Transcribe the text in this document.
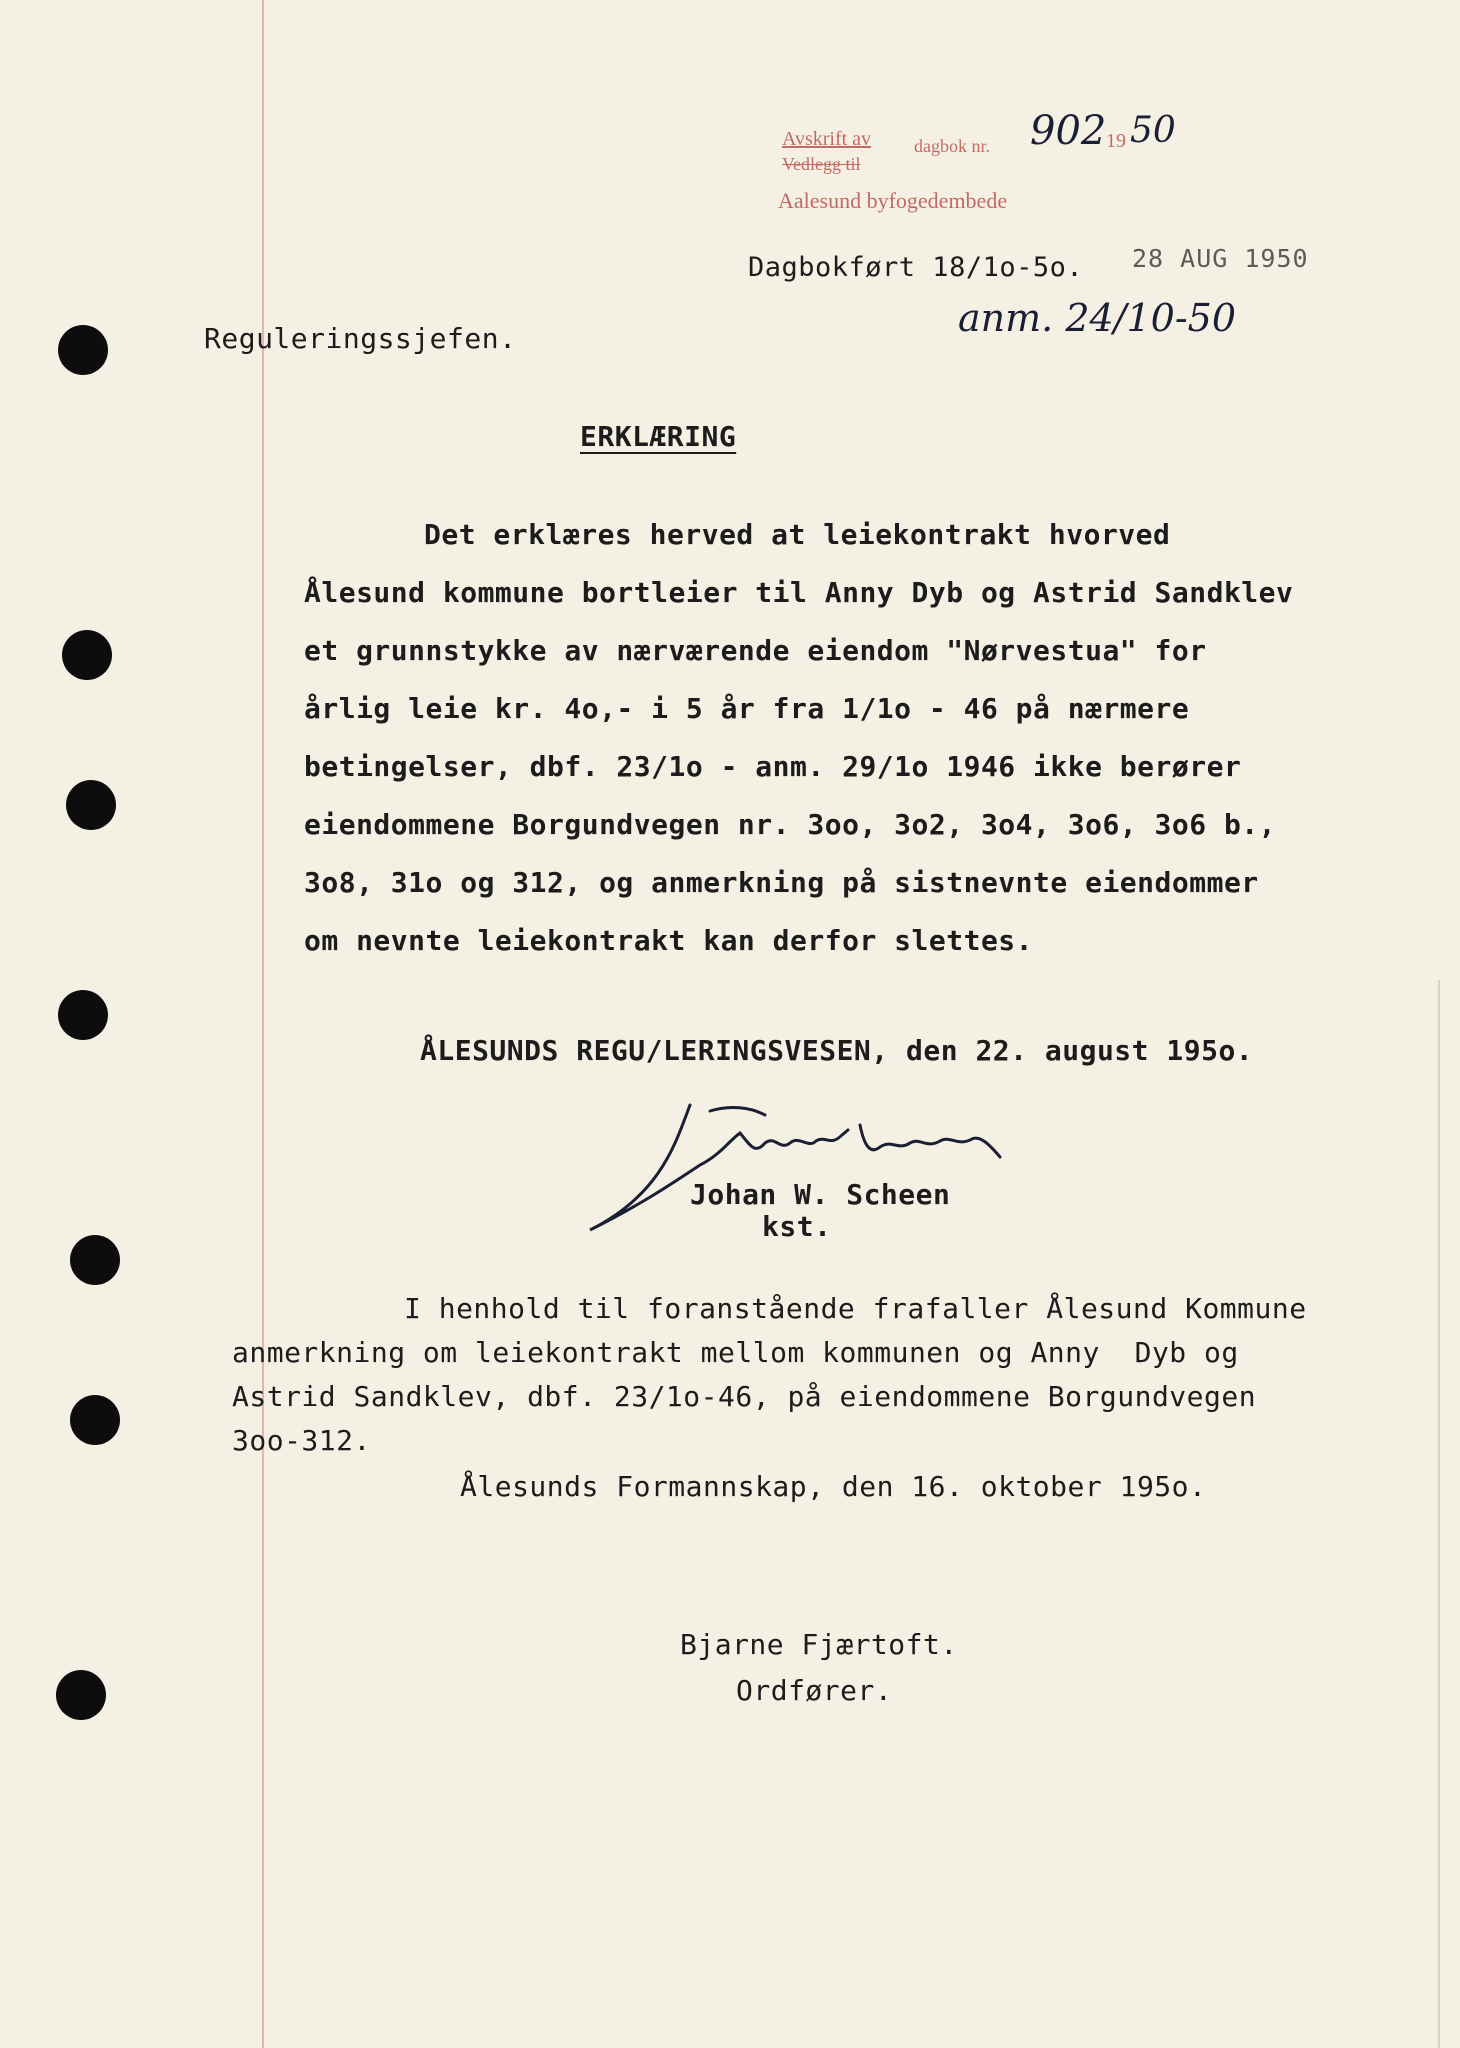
Avskrift av dagbok nr. 902 19 50
Vedlegg til
Aalesund byfogedembede
Dagbokført 18/1o-5o. 28 AUG 1950
anm. 24/10-50
Reguleringssjefen.
ERKLÆRING
Det erklæres herved at leiekontrakt hvorved
Ålesund kommune bortleier til Anny Dyb og Astrid Sandklev
et grunnstykke av nærværende eiendom "Nørvestua" for
årlig leie kr. 4o,- i 5 år fra 1/1o - 46 på nærmere
betingelser, dbf. 23/1o - anm. 29/1o 1946 ikke berører
eiendommene Borgundvegen nr. 3oo, 3o2, 3o4, 3o6, 3o6 b.,
3o8, 31o og 312, og anmerkning på sistnevnte eiendommer
om nevnte leiekontrakt kan derfor slettes.
ÅLESUNDS REGU/LERINGSVESEN, den 22. august 195o.
Johan W. Scheen
kst.
I henhold til foranstående frafaller Ålesund Kommune
anmerkning om leiekontrakt mellom kommunen og Anny  Dyb og
Astrid Sandklev, dbf. 23/1o-46, på eiendommene Borgundvegen
3oo-312.
Ålesunds Formannskap, den 16. oktober 195o.
Bjarne Fjærtoft.
Ordfører.
